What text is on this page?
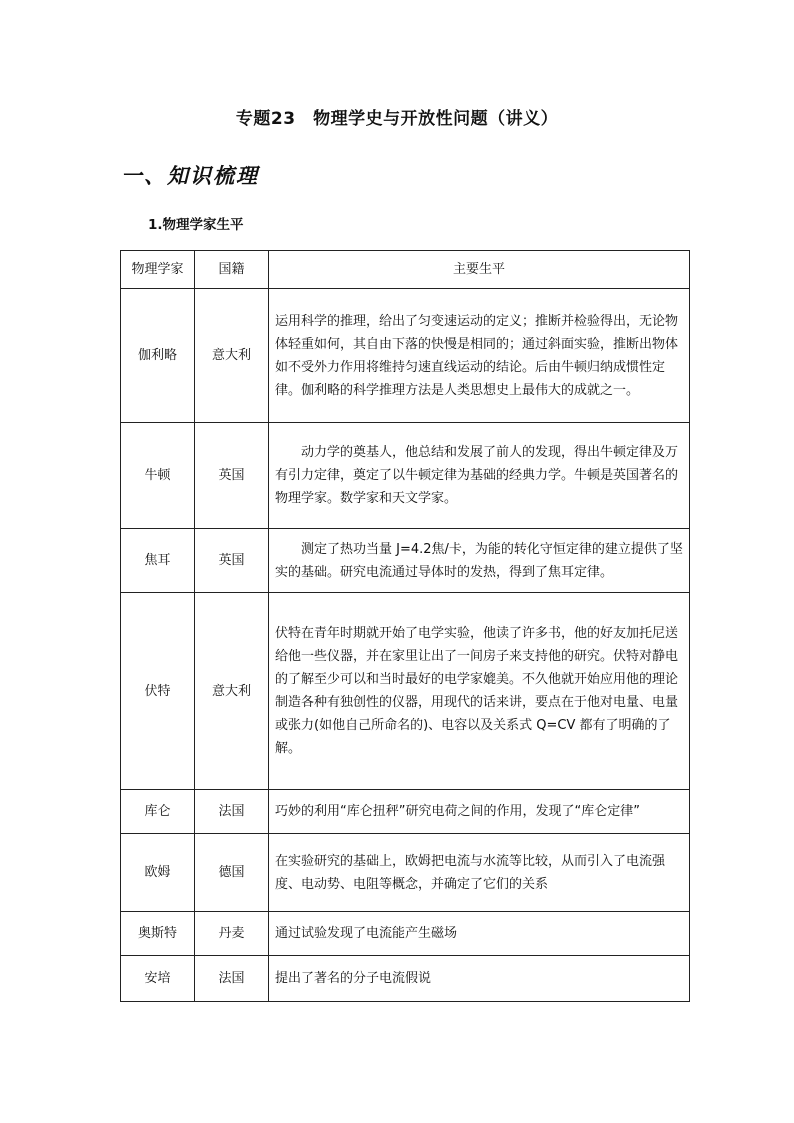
专题23　物理学史与开放性问题（讲义）
一、知识梳理
1.物理学家生平
物理学家	国籍	主要生平
伽利略	意大利	运用科学的推理，给出了匀变速运动的定义；推断并检验得出，无论物体轻重如何，其自由下落的快慢是相同的；通过斜面实验，推断出物体如不受外力作用将维持匀速直线运动的结论。后由牛顿归纳成惯性定律。伽利略的科学推理方法是人类思想史上最伟大的成就之一。
牛顿	英国	动力学的奠基人，他总结和发展了前人的发现，得出牛顿定律及万有引力定律，奠定了以牛顿定律为基础的经典力学。牛顿是英国著名的物理学家。数学家和天文学家。
焦耳	英国	测定了热功当量 J=4.2焦/卡，为能的转化守恒定律的建立提供了坚实的基础。研究电流通过导体时的发热，得到了焦耳定律。
伏特	意大利	伏特在青年时期就开始了电学实验，他读了许多书，他的好友加托尼送给他一些仪器，并在家里让出了一间房子来支持他的研究。伏特对静电的了解至少可以和当时最好的电学家媲美。不久他就开始应用他的理论制造各种有独创性的仪器，用现代的话来讲，要点在于他对电量、电量或张力(如他自己所命名的)、电容以及关系式 Q=CV 都有了明确的了解。
库仑	法国	巧妙的利用“库仑扭秤”研究电荷之间的作用，发现了“库仑定律”
欧姆	德国	在实验研究的基础上，欧姆把电流与水流等比较，从而引入了电流强度、电动势、电阻等概念，并确定了它们的关系
奥斯特	丹麦	通过试验发现了电流能产生磁场
安培	法国	提出了著名的分子电流假说
